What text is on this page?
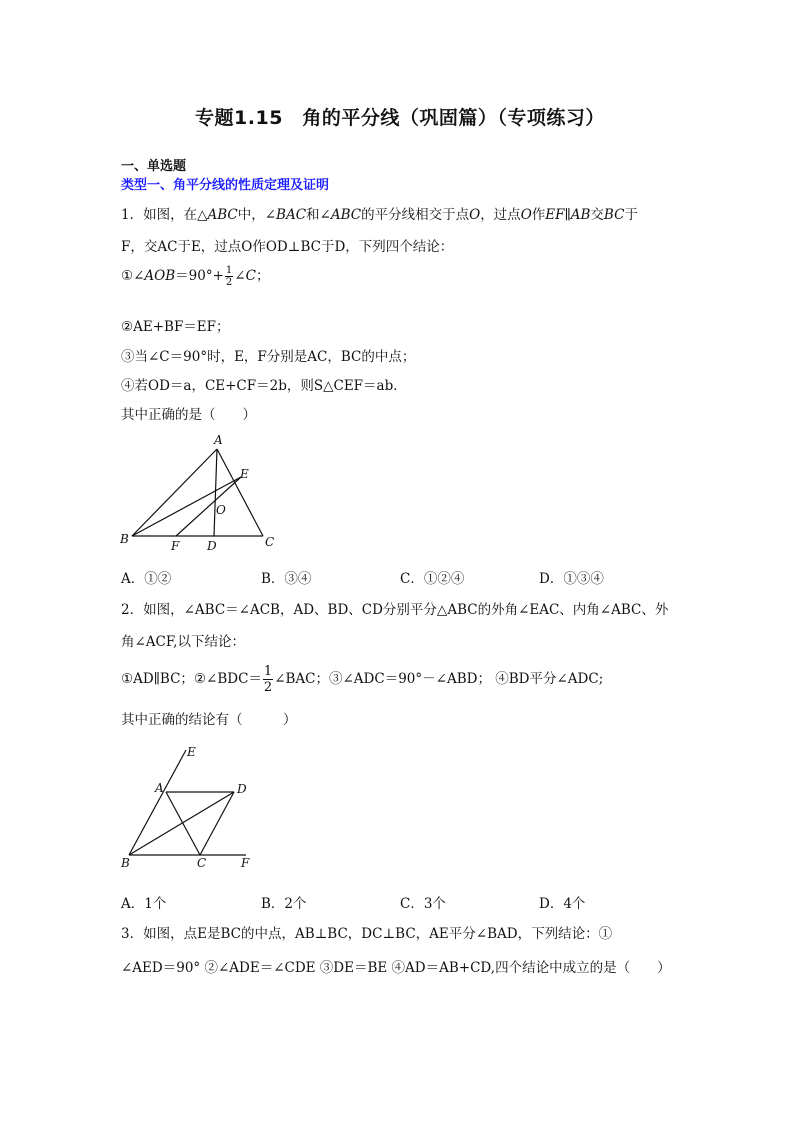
专题1.15　角的平分线（巩固篇）（专项练习）
一、单选题
类型一、角平分线的性质定理及证明
1．如图，在△ABC中，∠BAC和∠ABC的平分线相交于点O，过点O作EF∥AB交BC于
F，交AC于E，过点O作OD⊥BC于D，下列四个结论：
①∠AOB＝90°+ $\frac{1}{2}$ ∠C；
②AE+BF＝EF；
③当∠C＝90°时，E，F分别是AC，BC的中点；
④若OD＝a，CE+CF＝2b，则S△CEF＝ab．
其中正确的是（　　）
A
B	C
D
E
F
O
A．①②	B．③④	C．①②④	D．①③④
2．如图，∠ABC＝∠ACB，AD、BD、CD分别平分△ABC的外角∠EAC、内角∠ABC、外
角∠ACF,以下结论：
①AD∥BC；②∠BDC＝ $\frac{1}{2}$ ∠BAC；③∠ADC＝90°－∠ABD； ④BD平分∠ADC;
其中正确的结论有（　　　）
E
A	D
B	C	F
A．1个	B．2个	C．3个	D．4个
3．如图，点E是BC的中点，AB⊥BC，DC⊥BC，AE平分∠BAD，下列结论：①
∠AED＝90° ②∠ADE＝∠CDE ③DE＝BE ④AD＝AB+CD,四个结论中成立的是（　　）
